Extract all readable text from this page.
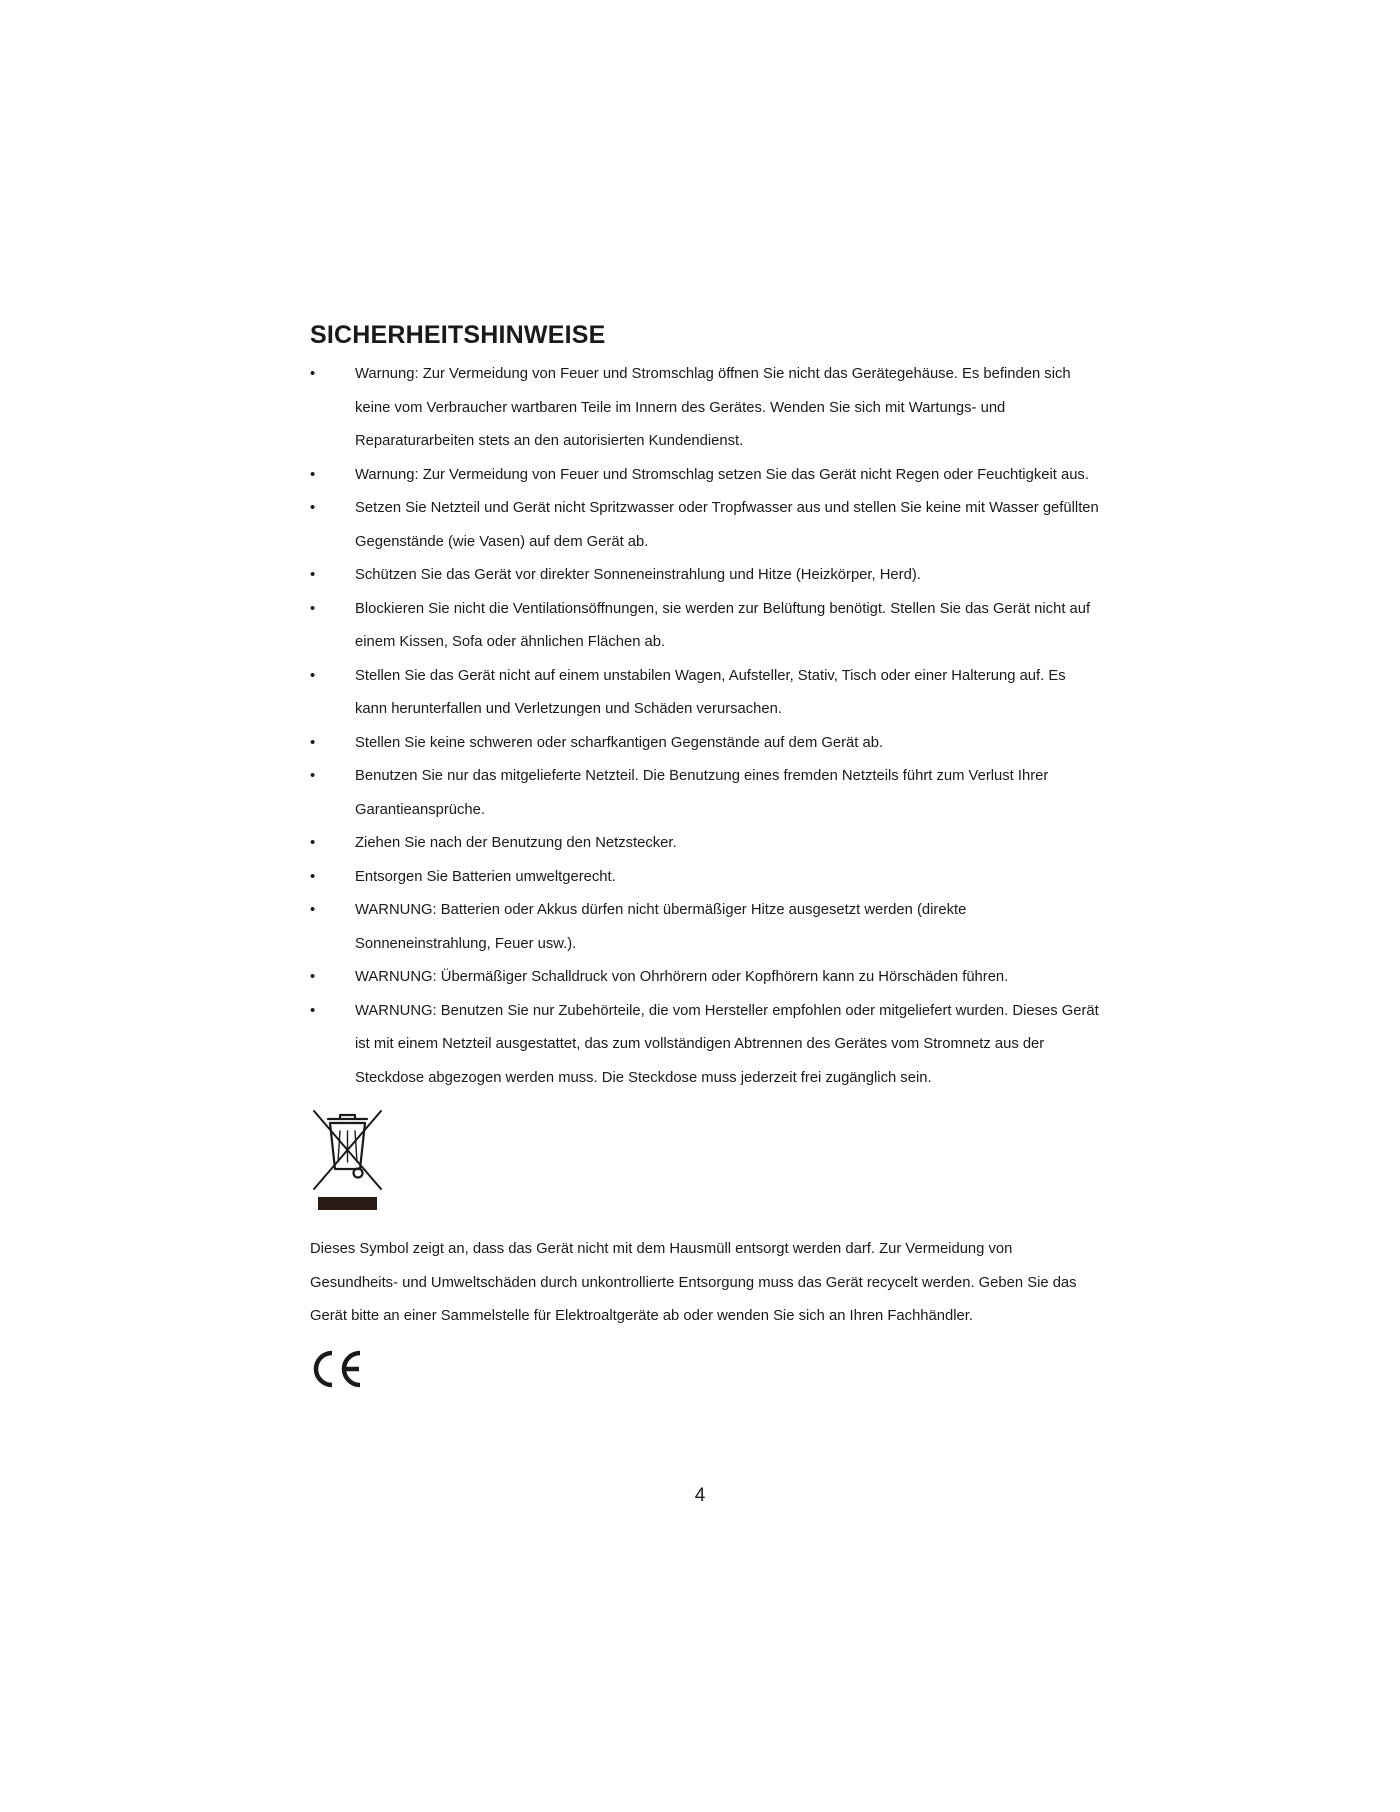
SICHERHEITSHINWEISE
•	Warnung: Zur Vermeidung von Feuer und Stromschlag öffnen Sie nicht das Gerätegehäuse. Es befinden sich keine vom Verbraucher wartbaren Teile im Innern des Gerätes. Wenden Sie sich mit Wartungs- und Reparaturarbeiten stets an den autorisierten Kundendienst.
•	Warnung: Zur Vermeidung von Feuer und Stromschlag setzen Sie das Gerät nicht Regen oder Feuchtigkeit aus.
•	Setzen Sie Netzteil und Gerät nicht Spritzwasser oder Tropfwasser aus und stellen Sie keine mit Wasser gefüllten Gegenstände (wie Vasen) auf dem Gerät ab.
•	Schützen Sie das Gerät vor direkter Sonneneinstrahlung und Hitze (Heizkörper, Herd).
•	Blockieren Sie nicht die Ventilationsöffnungen, sie werden zur Belüftung benötigt. Stellen Sie das Gerät nicht auf einem Kissen, Sofa oder ähnlichen Flächen ab.
•	Stellen Sie das Gerät nicht auf einem unstabilen Wagen, Aufsteller, Stativ, Tisch oder einer Halterung auf. Es kann herunterfallen und Verletzungen und Schäden verursachen.
•	Stellen Sie keine schweren oder scharfkantigen Gegenstände auf dem Gerät ab.
•	Benutzen Sie nur das mitgelieferte Netzteil. Die Benutzung eines fremden Netzteils führt zum Verlust Ihrer Garantieansprüche.
•	Ziehen Sie nach der Benutzung den Netzstecker.
•	Entsorgen Sie Batterien umweltgerecht.
•	WARNUNG: Batterien oder Akkus dürfen nicht übermäßiger Hitze ausgesetzt werden (direkte Sonneneinstrahlung, Feuer usw.).
•	WARNUNG: Übermäßiger Schalldruck von Ohrhörern oder Kopfhörern kann zu Hörschäden führen.
•	WARNUNG: Benutzen Sie nur Zubehörteile, die vom Hersteller empfohlen oder mitgeliefert wurden. Dieses Gerät ist mit einem Netzteil ausgestattet, das zum vollständigen Abtrennen des Gerätes vom Stromnetz aus der Steckdose abgezogen werden muss. Die Steckdose muss jederzeit frei zugänglich sein.

Dieses Symbol zeigt an, dass das Gerät nicht mit dem Hausmüll entsorgt werden darf. Zur Vermeidung von Gesundheits- und Umweltschäden durch unkontrollierte Entsorgung muss das Gerät recycelt werden. Geben Sie das Gerät bitte an einer Sammelstelle für Elektroaltgeräte ab oder wenden Sie sich an Ihren Fachhändler.

4
